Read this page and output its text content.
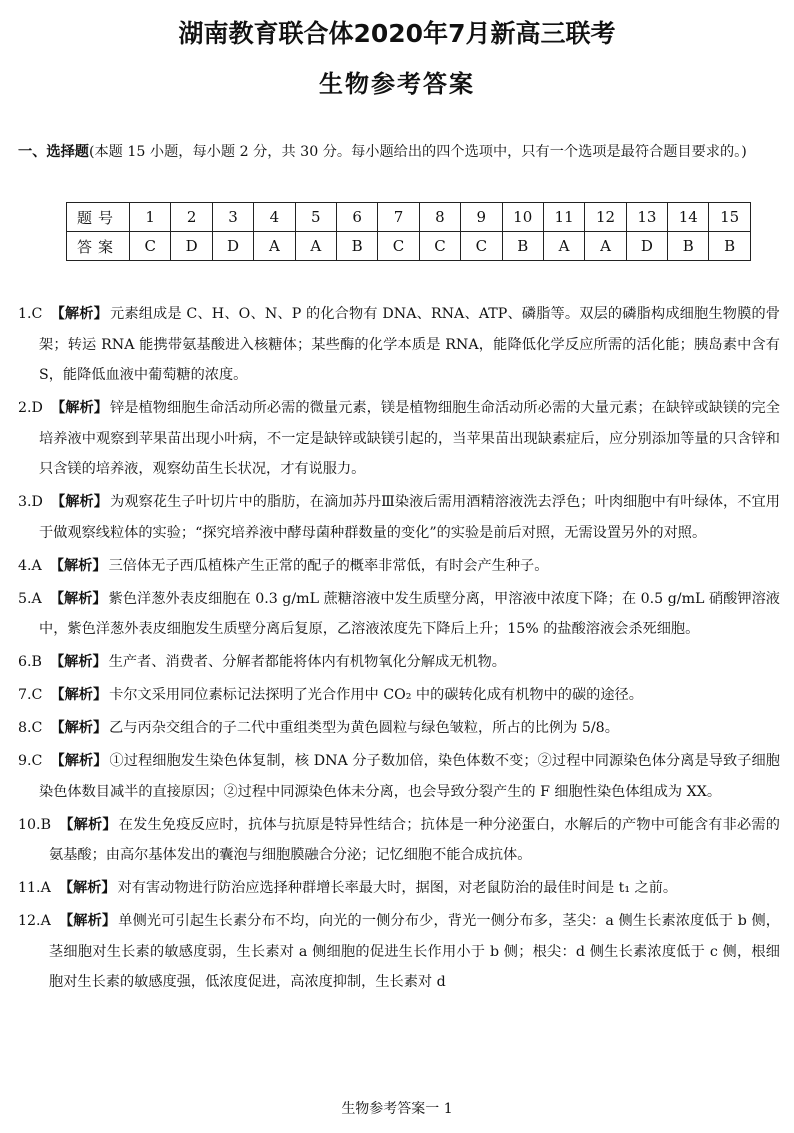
湖南教育联合体2020年7月新高三联考
生物参考答案
一、选择题(本题 15 小题，每小题 2 分，共 30 分。每小题给出的四个选项中，只有一个选项是最符合题目要求的。)
题号	1	2	3	4	5	6	7	8	9	10	11	12	13	14	15
答案	C	D	D	A	A	B	C	C	C	B	A	A	D	B	B

1.C 【解析】 元素组成是 C、H、O、N、P 的化合物有 DNA、RNA、ATP、磷脂等。双层的磷脂构成细胞生物膜的骨架；转运 RNA 能携带氨基酸进入核糖体；某些酶的化学本质是 RNA，能降低化学反应所需的活化能；胰岛素中含有 S，能降低血液中葡萄糖的浓度。

2.D 【解析】 锌是植物细胞生命活动所必需的微量元素，镁是植物细胞生命活动所必需的大量元素；在缺锌或缺镁的完全培养液中观察到苹果苗出现小叶病，不一定是缺锌或缺镁引起的，当苹果苗出现缺素症后，应分别添加等量的只含锌和只含镁的培养液，观察幼苗生长状况，才有说服力。

3.D 【解析】 为观察花生子叶切片中的脂肪，在滴加苏丹Ⅲ染液后需用酒精溶液洗去浮色；叶肉细胞中有叶绿体，不宜用于做观察线粒体的实验；“探究培养液中酵母菌种群数量的变化”的实验是前后对照，无需设置另外的对照。

4.A 【解析】 三倍体无子西瓜植株产生正常的配子的概率非常低，有时会产生种子。

5.A 【解析】 紫色洋葱外表皮细胞在 0.3 g/mL 蔗糖溶液中发生质壁分离，甲溶液中浓度下降；在 0.5 g/mL 硝酸钾溶液中，紫色洋葱外表皮细胞发生质壁分离后复原，乙溶液浓度先下降后上升；15% 的盐酸溶液会杀死细胞。

6.B 【解析】 生产者、消费者、分解者都能将体内有机物氧化分解成无机物。

7.C 【解析】 卡尔文采用同位素标记法探明了光合作用中 CO₂ 中的碳转化成有机物中的碳的途径。

8.C 【解析】 乙与丙杂交组合的子二代中重组类型为黄色圆粒与绿色皱粒，所占的比例为 5/8。

9.C 【解析】 ①过程细胞发生染色体复制，核 DNA 分子数加倍，染色体数不变；②过程中同源染色体分离是导致子细胞染色体数目减半的直接原因；②过程中同源染色体未分离，也会导致分裂产生的 F 细胞性染色体组成为 XX。

10.B 【解析】 在发生免疫反应时，抗体与抗原是特异性结合；抗体是一种分泌蛋白，水解后的产物中可能含有非必需的氨基酸；由高尔基体发出的囊泡与细胞膜融合分泌；记忆细胞不能合成抗体。

11.A 【解析】 对有害动物进行防治应选择种群增长率最大时，据图，对老鼠防治的最佳时间是 t₁ 之前。

12.A 【解析】 单侧光可引起生长素分布不均，向光的一侧分布少，背光一侧分布多，茎尖：a 侧生长素浓度低于 b 侧，茎细胞对生长素的敏感度弱，生长素对 a 侧细胞的促进生长作用小于 b 侧；根尖：d 侧生长素浓度低于 c 侧，根细胞对生长素的敏感度强，低浓度促进，高浓度抑制，生长素对 d

生物参考答案一 1
